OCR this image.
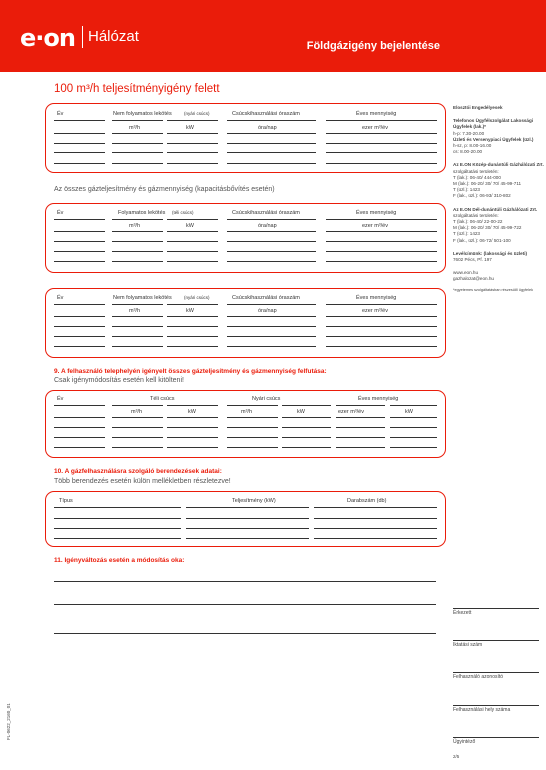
e·on Hálózat
Földgázigény bejelentése
100 m³/h teljesítményigény felett
Év	Nem folyamatos lekötés	(nyári csúcs)	Csúcskihasználási óraszám	Éves mennyiség
m³/h	kW	óra/nap	ezer m³/év
Az összes gázteljesítmény és gázmennyiség (kapacitásbővítés esetén)
Év	Folyamatos lekötés (téli csúcs)	Csúcskihasználási óraszám	Éves mennyiség
m³/h	kW	óra/nap	ezer m³/év
Év	Nem folyamatos lekötés	(nyári csúcs)	Csúcskihasználási óraszám	Éves mennyiség
m³/h	kW	óra/nap	ezer m³/év
9. A felhasználó telephelyén igényelt összes gázteljesítmény és gázmennyiség felfutása:
Csak igénymódosítás esetén kell kitölteni!
Év	Téli csúcs	Nyári csúcs	Éves mennyiség
m³/h	kW	m³/h	kW	ezer m³/év	kW
10. A gázfelhasználásra szolgáló berendezések adatai:
Több berendezés esetén külön mellékletben részletezve!
Típus	Teljesítmény (kW)	Darabszám (db)
11. Igényváltozás esetén a módosítás oka:
Elosztói Engedélyesek
Telefonos Ügyfélszolgálat Lakossági Ügyfelek (lak.)*
h-p: 7.30-20.00
Üzleti és Versenypiaci Ügyfelek (üzl.)
h-sz, p: 8.00-16.00
cs: 8.00-20.00
Az E.ON Közép-dunántúli Gázhálózati Zrt.
szolgáltatási területén:
T (lak.): 06-40/ 444-000
M (lak.): 06-20/ 30/ 70/ 45-99-711
T (üzl.): 1423
F (lak., üzl.): 06-93/ 310-802
Az E.ON Dél-dunántúli Gázhálózati Zrt.
szolgáltatási területén:
T (lak.): 06-40/ 22-00-22
M (lak.): 06-20/ 30/ 70/ 45-99-722
T (üzl.): 1423
F (lak., üzl.): 06-72/ 501-100
Levélcímünk: (lakossági és üzleti)
7602 Pécs, Pf. 197
www.eon.hu
gazhalozat@eon.hu
*egyetemes szolgáltatásban részesülő ügyfelek
Érkezett
Iktatási szám
Felhasználó azonosító
Felhasználási hely száma
Ügyintéző
2/5
FL-0622_2160_01
